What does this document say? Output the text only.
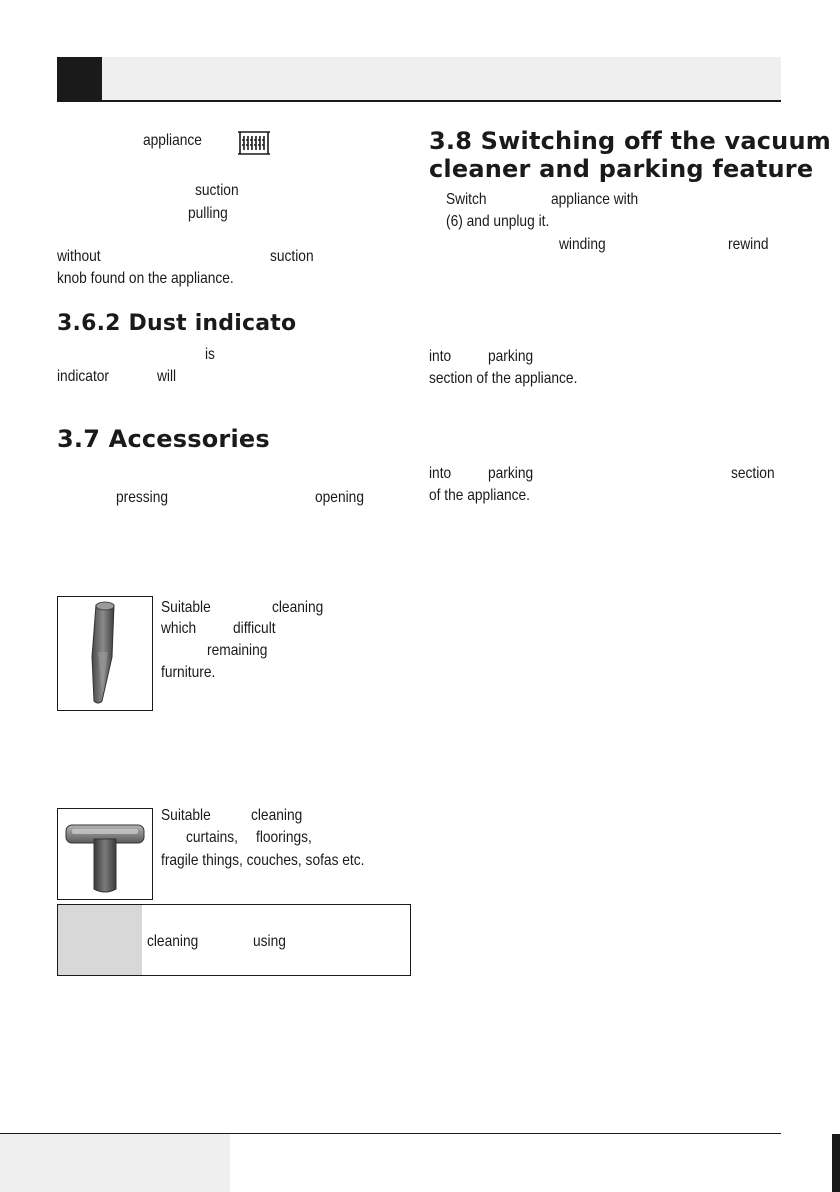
appliance
suction
pulling
without	suction
knob found on the appliance.
3.6.2 Dust indicato
is
indicator	will
3.7 Accessories
pressing	opening
Suitable	cleaning
which difficult
remaining
furniture.
Suitable	cleaning
curtains, floorings,
fragile things, couches, sofas etc.
cleaning	using
3.8 Switching off the vacuum
cleaner and parking feature
Switch	appliance with
(6) and unplug it.
winding	rewind
into parking
section of the appliance.
into parking	section
of the appliance.
